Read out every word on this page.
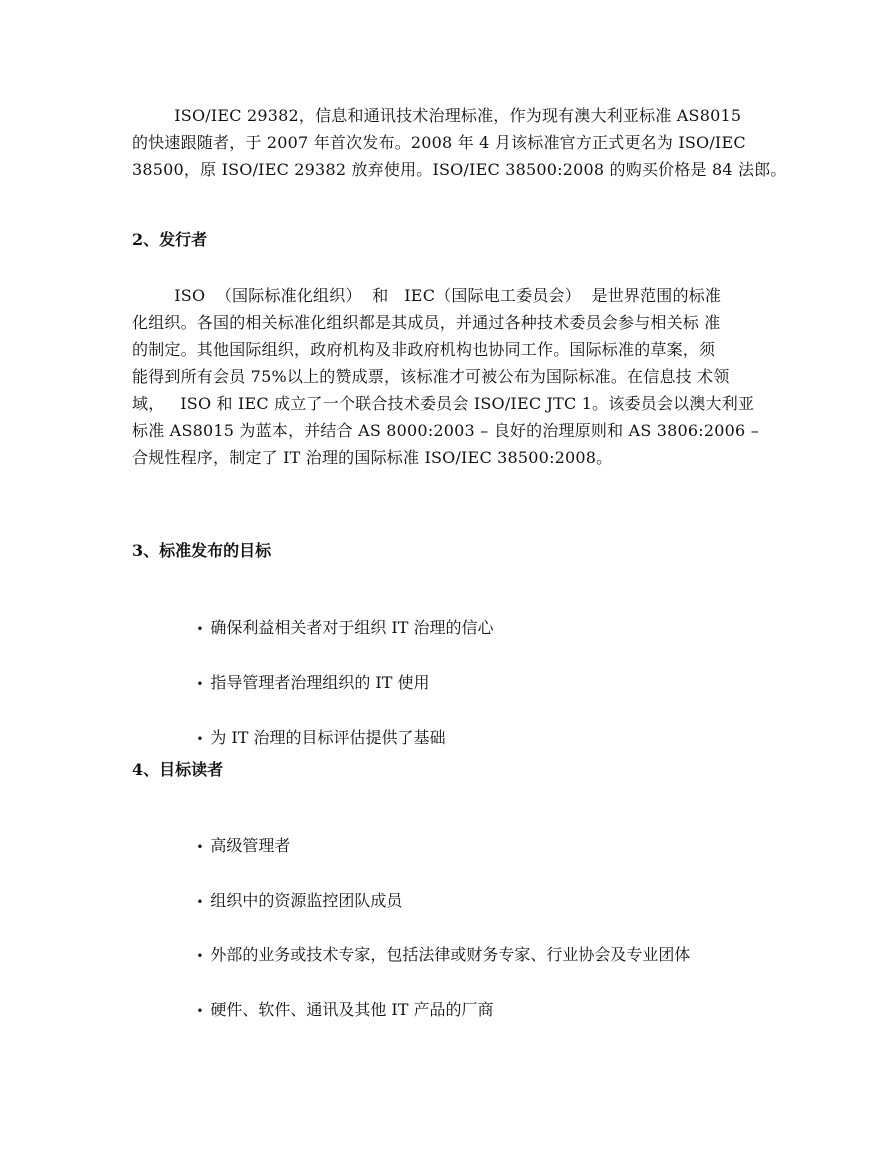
ISO/IEC 29382，信息和通讯技术治理标准，作为现有澳大利亚标准 AS8015
的快速跟随者，于 2007 年首次发布。2008 年 4 月该标准官方正式更名为 ISO/IEC
38500，原 ISO/IEC 29382 放弃使用。ISO/IEC 38500:2008 的购买价格是 84 法郎。
2、发行者
ISO  （国际标准化组织）  和   IEC（国际电工委员会）  是世界范围的标准
化组织。各国的相关标准化组织都是其成员，并通过各种技术委员会参与相关标 准
的制定。其他国际组织，政府机构及非政府机构也协同工作。国际标准的草案，须
能得到所有会员 75%以上的赞成票，该标准才可被公布为国际标准。在信息技 术领
域，   ISO 和 IEC 成立了一个联合技术委员会 ISO/IEC JTC 1。该委员会以澳大利亚
标准 AS8015 为蓝本，并结合 AS 8000:2003 – 良好的治理原则和 AS 3806:2006 –
合规性程序，制定了 IT 治理的国际标准 ISO/IEC 38500:2008。
3、标准发布的目标

• 确保利益相关者对于组织 IT 治理的信心

• 指导管理者治理组织的 IT 使用

• 为 IT 治理的目标评估提供了基础

4、目标读者

• 高级管理者

• 组织中的资源监控团队成员

• 外部的业务或技术专家，包括法律或财务专家、行业协会及专业团体

• 硬件、软件、通讯及其他 IT 产品的厂商
